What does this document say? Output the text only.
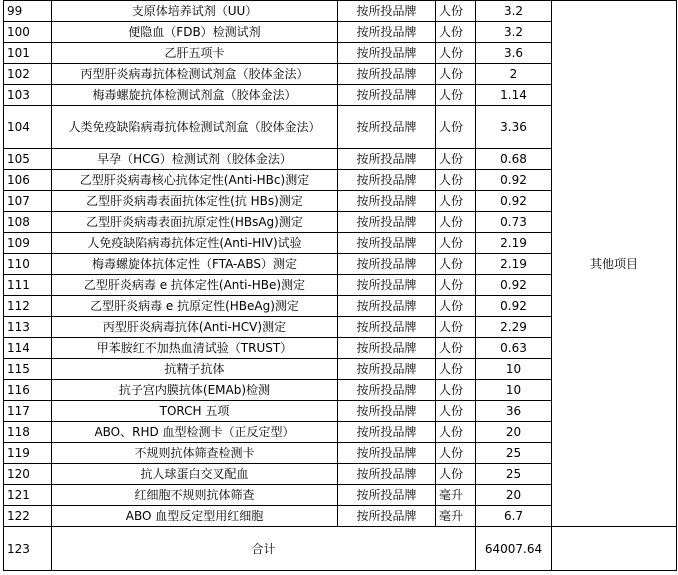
99	支原体培养试剂（UU）	按所投品牌	人份	3.2	其他项目
100	便隐血（FDB）检测试剂	按所投品牌	人份	3.2	
101	乙肝五项卡	按所投品牌	人份	3.6	
102	丙型肝炎病毒抗体检测试剂盒（胶体金法）	按所投品牌	人份	2	
103	梅毒螺旋抗体检测试剂盒（胶体金法）	按所投品牌	人份	1.14	
104	人类免疫缺陷病毒抗体检测试剂盒（胶体金法）	按所投品牌	人份	3.36	
105	早孕（HCG）检测试剂（胶体金法）	按所投品牌	人份	0.68	
106	乙型肝炎病毒核心抗体定性(Anti-HBc)测定	按所投品牌	人份	0.92	
107	乙型肝炎病毒表面抗体定性(抗 HBs)测定	按所投品牌	人份	0.92	
108	乙型肝炎病毒表面抗原定性(HBsAg)测定	按所投品牌	人份	0.73	
109	人免疫缺陷病毒抗体定性(Anti-HIV)试验	按所投品牌	人份	2.19	
110	梅毒螺旋体抗体定性（FTA-ABS）测定	按所投品牌	人份	2.19	
111	乙型肝炎病毒 e 抗体定性(Anti-HBe)测定	按所投品牌	人份	0.92	
112	乙型肝炎病毒 e 抗原定性(HBeAg)测定	按所投品牌	人份	0.92	
113	丙型肝炎病毒抗体(Anti-HCV)测定	按所投品牌	人份	2.29	
114	甲苯胺红不加热血清试验（TRUST）	按所投品牌	人份	0.63	
115	抗精子抗体	按所投品牌	人份	10	
116	抗子宫内膜抗体(EMAb)检测	按所投品牌	人份	10	
117	TORCH 五项	按所投品牌	人份	36	
118	ABO、RHD 血型检测卡（正反定型）	按所投品牌	人份	20	
119	不规则抗体筛查检测卡	按所投品牌	人份	25	
120	抗人球蛋白交叉配血	按所投品牌	人份	25	
121	红细胞不规则抗体筛查	按所投品牌	毫升	20	
122	ABO 血型反定型用红细胞	按所投品牌	毫升	6.7	
123	合计			64007.64	
